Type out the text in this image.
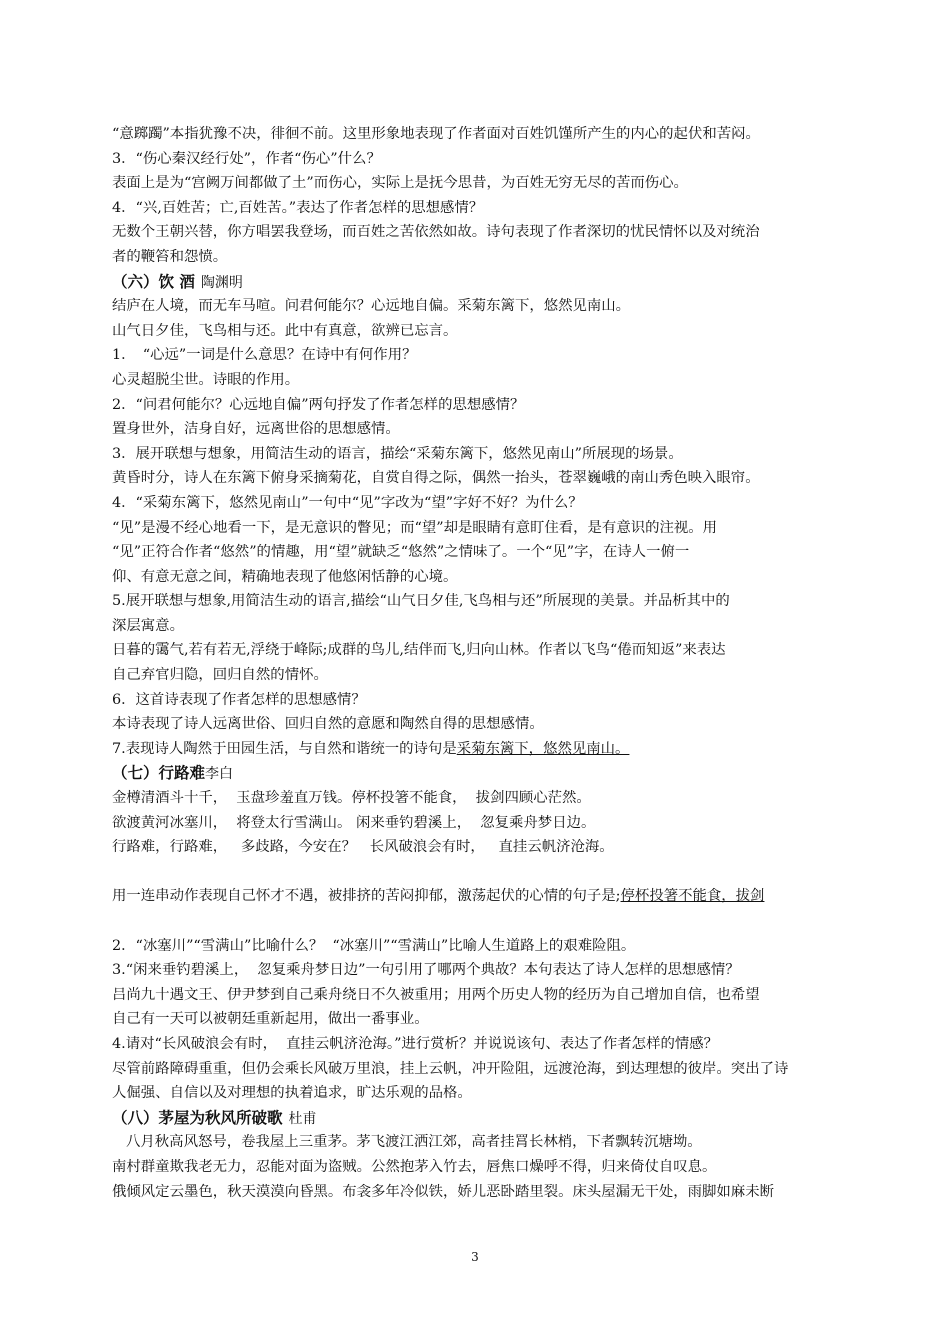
“意踯躅”本指犹豫不决，徘徊不前。这里形象地表现了作者面对百姓饥馑所产生的内心的起伏和苦闷。
3．“伤心秦汉经行处”，作者“伤心”什么？
表面上是为“宫阙万间都做了土”而伤心，实际上是抚今思昔，为百姓无穷无尽的苦而伤心。
4．“兴,百姓苦；亡,百姓苦。”表达了作者怎样的思想感情？
无数个王朝兴替，你方唱罢我登场，而百姓之苦依然如故。诗句表现了作者深切的忧民情怀以及对统治
者的鞭笞和怨愤。
（六）饮 酒 陶渊明
结庐在人境，而无车马喧。问君何能尔？心远地自偏。采菊东篱下，悠然见南山。
山气日夕佳，飞鸟相与还。此中有真意，欲辨已忘言。
1．　“心远”一词是什么意思？在诗中有何作用？
心灵超脱尘世。诗眼的作用。
2．“问君何能尔？心远地自偏”两句抒发了作者怎样的思想感情？
置身世外，洁身自好，远离世俗的思想感情。
3．展开联想与想象，用简洁生动的语言，描绘“采菊东篱下，悠然见南山”所展现的场景。
黄昏时分，诗人在东篱下俯身采摘菊花，自赏自得之际，偶然一抬头，苍翠巍峨的南山秀色映入眼帘。
4．“采菊东篱下，悠然见南山”一句中“见”字改为“望”字好不好？为什么？
“见”是漫不经心地看一下，是无意识的瞥见；而“望”却是眼睛有意盯住看，是有意识的注视。用
“见”正符合作者“悠然”的情趣，用“望”就缺乏“悠然”之情味了。一个“见”字，在诗人一俯一
仰、有意无意之间，精确地表现了他悠闲恬静的心境。
5.展开联想与想象,用简洁生动的语言,描绘“山气日夕佳,飞鸟相与还”所展现的美景。并品析其中的
深层寓意。
日暮的霭气,若有若无,浮绕于峰际;成群的鸟儿,结伴而飞,归向山林。作者以飞鸟“倦而知返”来表达
自己弃官归隐，回归自然的情怀。
6．这首诗表现了作者怎样的思想感情？
本诗表现了诗人远离世俗、回归自然的意愿和陶然自得的思想感情。
7.表现诗人陶然于田园生活，与自然和谐统一的诗句是采菊东篱下，悠然见南山。
（七）行路难李白
金樽清酒斗十千，  玉盘珍羞直万钱。停杯投箸不能食，  拔剑四顾心茫然。
欲渡黄河冰塞川，  将登太行雪满山。 闲来垂钓碧溪上，  忽复乘舟梦日边。
行路难，行路难，   多歧路，今安在？   长风破浪会有时，   直挂云帆济沧海。

用一连串动作表现自己怀才不遇，被排挤的苦闷抑郁，激荡起伏的心情的句子是;停杯投箸不能食，拔剑

2．“冰塞川”“雪满山”比喻什么？  “冰塞川”“雪满山”比喻人生道路上的艰难险阻。
3.“闲来垂钓碧溪上，  忽复乘舟梦日边”一句引用了哪两个典故？本句表达了诗人怎样的思想感情？
吕尚九十遇文王、伊尹梦到自己乘舟绕日不久被重用；用两个历史人物的经历为自己增加自信，也希望
自己有一天可以被朝廷重新起用，做出一番事业。
4.请对“长风破浪会有时，  直挂云帆济沧海。”进行赏析？并说说该句、表达了作者怎样的情感？
尽管前路障碍重重，但仍会乘长风破万里浪，挂上云帆，冲开险阻，远渡沧海，到达理想的彼岸。突出了诗
人倔强、自信以及对理想的执着追求，旷达乐观的品格。
（八）茅屋为秋风所破歌 杜甫
八月秋高风怒号，卷我屋上三重茅。茅飞渡江洒江郊，高者挂罥长林梢，下者飘转沉塘坳。
南村群童欺我老无力，忍能对面为盗贼。公然抱茅入竹去，唇焦口燥呼不得，归来倚仗自叹息。
俄倾风定云墨色，秋天漠漠向昏黑。布衾多年冷似铁，娇儿恶卧踏里裂。床头屋漏无干处，雨脚如麻未断
3
